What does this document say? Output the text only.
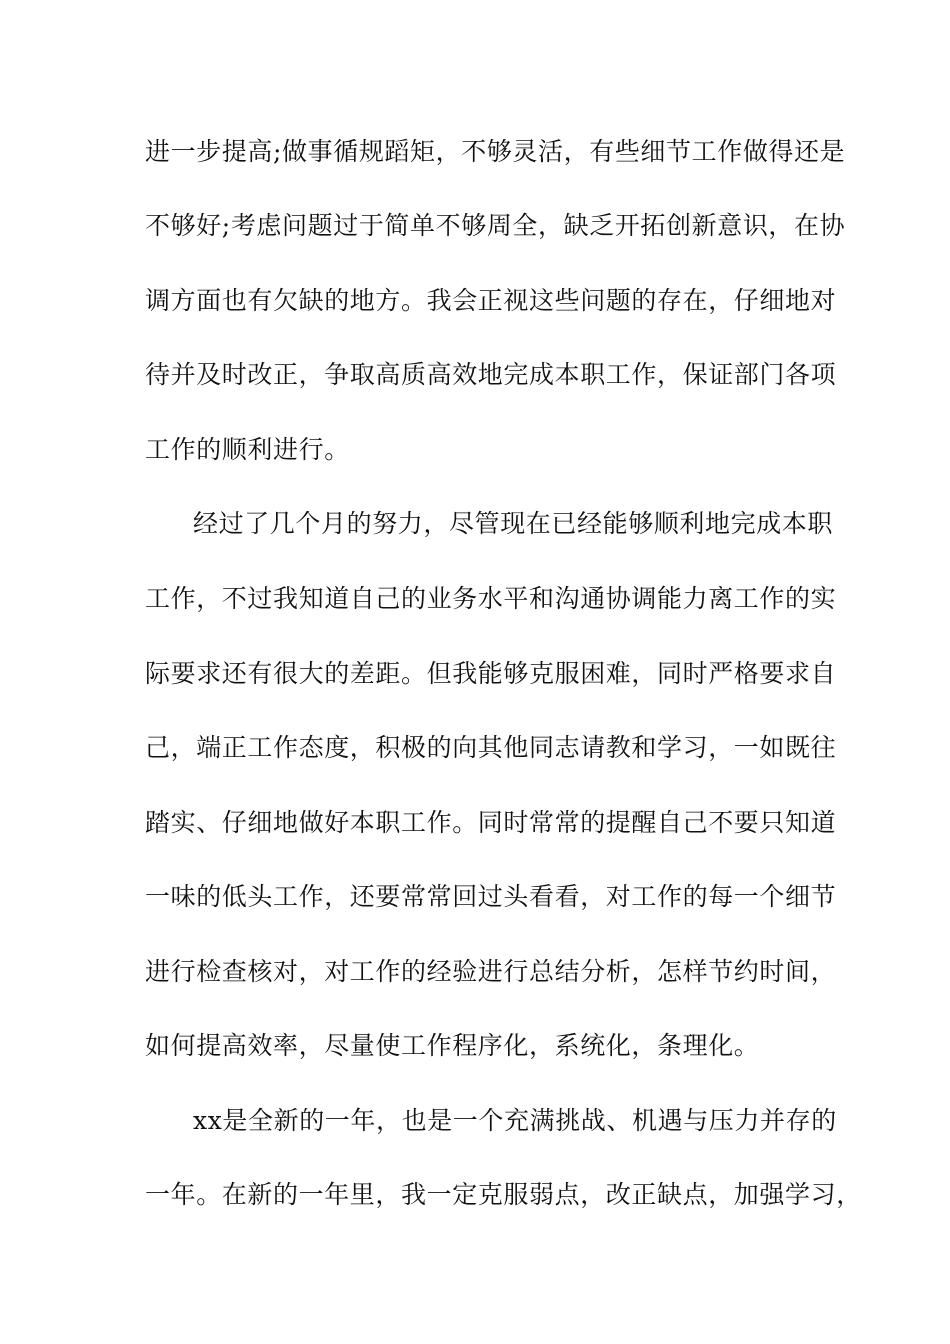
进一步提高;做事循规蹈矩，不够灵活，有些细节工作做得还是
不够好;考虑问题过于简单不够周全，缺乏开拓创新意识，在协
调方面也有欠缺的地方。我会正视这些问题的存在，仔细地对
待并及时改正，争取高质高效地完成本职工作，保证部门各项
工作的顺利进行。
经过了几个月的努力，尽管现在已经能够顺利地完成本职
工作，不过我知道自己的业务水平和沟通协调能力离工作的实
际要求还有很大的差距。但我能够克服困难，同时严格要求自
己，端正工作态度，积极的向其他同志请教和学习，一如既往
踏实、仔细地做好本职工作。同时常常的提醒自己不要只知道
一味的低头工作，还要常常回过头看看，对工作的每一个细节
进行检查核对，对工作的经验进行总结分析，怎样节约时间，
如何提高效率，尽量使工作程序化，系统化，条理化。
xx是全新的一年，也是一个充满挑战、机遇与压力并存的
一年。在新的一年里，我一定克服弱点，改正缺点，加强学习，
